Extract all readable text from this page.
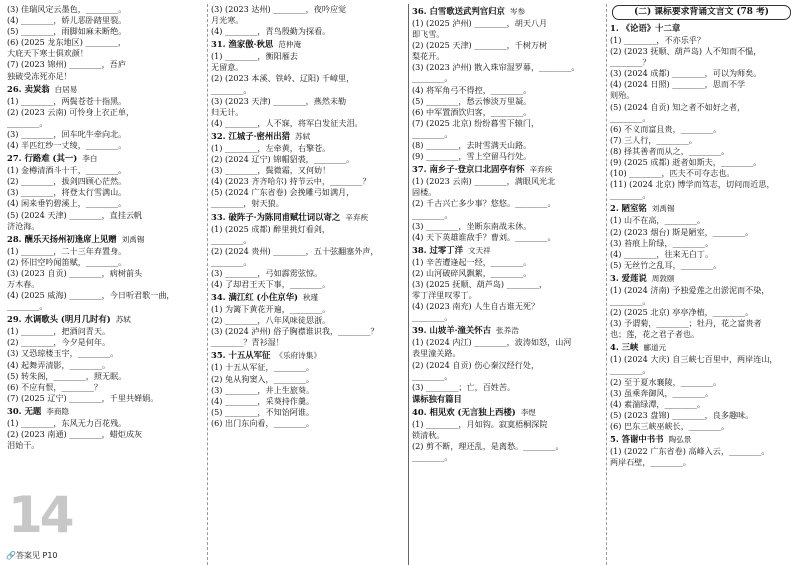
(3) 佳瑞风定云墨色，________。
(4) ________，娇儿恶卧踏里裂。
(5) ________，雨脚如麻未断绝。
(6) (2025 龙东地区) ________，
大庇天下寒士俱欢颜！
(7) (2023 锦州) ________，吾庐
独破受冻死亦足！
26. 卖炭翁 白居易
(1) ________，两鬓苍苍十指黑。
(2) (2023 云南) 可怜身上衣正单，
________。
(3) ________，回车叱牛牵向北。
(4) 半匹红纱一丈绫，________。
27. 行路难 (其一) 李白
(1) 金樽清酒斗十千，________。
(2) ________，拔剑四顾心茫然。
(3) ________，将登太行雪满山。
(4) 闲来垂钓碧溪上，________。
(5) (2024 天津) ________，直挂云帆
济沧海。
28. 酬乐天扬州初逢席上见赠 刘禹锡
(1) ________，二十三年弃置身。
(2) 怀旧空吟闻笛赋，________。
(3) (2023 自贡) ________，病树前头
万木春。
(4) (2025 威海) ________，今日听君歌一曲，
________。
29. 水调歌头 (明月几时有) 苏轼
(1) ________，把酒问青天。
(2) ________，今夕是何年。
(3) 又恐琼楼玉宇，________。
(4) 起舞弄清影，________。
(5) 转朱阁，________，照无眠。
(6) 不应有恨，________？
(7) (2025 辽宁) ________，千里共婵娟。
30. 无题 李商隐
(1) ________，东风无力百花残。
(2) (2023 南通) ________，蜡炬成灰
泪始干。
(3) (2023 达州) ________，夜吟应觉
月光寒。
(4) ________，青鸟殷勤为探看。
31. 渔家傲·秋思 范仲淹
(1) ________，衡阳雁去
无留意。
(2) (2023 本溪、铁岭、辽阳) 千嶂里，
________。
(3) (2023 天津) ________，燕然未勒
归无计。
(4) ________，人不寐，将军白发征夫泪。
32. 江城子·密州出猎 苏轼
(1) ________，左牵黄，右擎苍。
(2) (2024 辽宁) 锦帽貂裘，________。
(3) ________，鬓微霜，又何妨！
(4) (2023 齐齐哈尔) 持节云中，________？
(5) (2024 广东省卷) 会挽雕弓如满月，
________，射天狼。
33. 破阵子·为陈同甫赋壮词以寄之 辛弃疾
(1) (2025 成都) 醉里挑灯看剑，
________。
(2) (2024 贵州) ________，五十弦翻塞外声，
________。
(3) ________，弓如霹雳弦惊。
(4) 了却君王天下事，________。
34. 满江红 (小住京华) 秋瑾
(1) 为篱下黄花开遍，________。
(2) ________，八年风味徒思浙。
(3) (2024 泸州) 俗子胸襟谁识我，________？
________？青衫湿！
35. 十五从军征 《乐府诗集》
(1) 十五从军征，________。
(2) 兔从狗窦入，________。
(3) ________，井上生旅葵。
(4) ________，采葵持作羹。
(5) ________，不知饴阿谁。
(6) 出门东向看，________。
36. 白雪歌送武判官归京 岑参
(1) (2025 泸州) ________，胡天八月
即飞雪。
(2) (2025 天津) ________，千树万树
梨花开。
(3) (2023 泸州) 散入珠帘湿罗幕，________。
________。
(4) 将军角弓不得控，________。
(5) ________，愁云惨淡万里凝。
(6) 中军置酒饮归客，________。
(7) (2025 北京) 纷纷暮雪下辕门，
________。
(8) ________，去时雪满天山路。
(9) ________，雪上空留马行处。
37. 南乡子·登京口北固亭有怀 辛弃疾
(1) (2023 云南) ________，满眼风光北
固楼。
(2) 千古兴亡多少事？悠悠。________。
________。
(3) ________，坐断东南战未休。
(4) 天下英雄谁敌手？曹刘。________。
38. 过零丁洋 文天祥
(1) 辛苦遭逢起一经，________。
(2) 山河破碎风飘絮，________。
(3) (2025 抚顺、葫芦岛) ________，
零丁洋里叹零丁。
(4) (2023 南充) 人生自古谁无死？
________。
39. 山坡羊·潼关怀古 张养浩
(1) (2024 内江) ________，波涛如怒，山河
表里潼关路。
(2) (2024 自贡) 伤心秦汉经行处，
________。
(3) ________；亡，百姓苦。
课标独有篇目
40. 相见欢 (无言独上西楼) 李煜
(1) ________，月如钩。寂寞梧桐深院
锁清秋。
(2) 剪不断，理还乱，是离愁。________。
________。
(二) 课标要求背诵文言文 (78 考)
1. 《论语》十二章
(1) ________，不亦乐乎？
(2) (2023 抚顺、葫芦岛) 人不知而不愠，
________？
(3) (2024 成都) ________，可以为师矣。
(4) (2024 日照) ________，思而不学
则殆。
(5) (2024 自贡) 知之者不如好之者，
________。
(6) 不义而富且贵，________。
(7) 三人行，________。
(8) 择其善者而从之，________。
(9) (2025 成都) 逝者如斯夫，________。
(10) ________，匹夫不可夺志也。
(11) (2024 北京) 博学而笃志，切问而近思，
________。
2. 陋室铭 刘禹锡
(1) 山不在高，________。
(2) (2023 烟台) 斯是陋室，________。
(3) 苔痕上阶绿，________。
(4) ________，往来无白丁。
(5) 无丝竹之乱耳，________。
3. 爱莲说 周敦颐
(1) (2024 济南) 予独爱莲之出淤泥而不染，
________。
(2) (2025 北京) 亭亭净植，________。
(3) 予谓菊，________；牡丹，花之富贵者
也；莲，花之君子者也。
4. 三峡 郦道元
(1) (2024 大庆) 自三峡七百里中，两岸连山，
________。
(2) 至于夏水襄陵，________。
(3) 虽乘奔御风，________。
(4) 素湍绿潭，________。
(5) (2023 盘锦) ________，良多趣味。
(6) 巴东三峡巫峡长，________。
5. 答谢中书书 陶弘景
(1) (2022 广东省卷) 高峰入云，________。
两岸石壁，________。
14
🔗答案见 P10
